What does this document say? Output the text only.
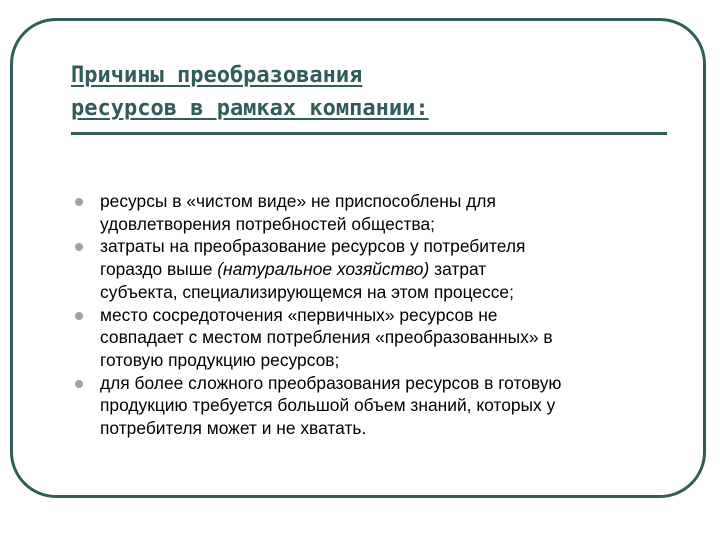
Причины преобразования
ресурсов в рамках компании:
ресурсы в «чистом виде» не приспособлены для
удовлетворения потребностей общества;
затраты на преобразование ресурсов у потребителя
гораздо выше (натуральное хозяйство) затрат
субъекта, специализирующемся на этом процессе;
место сосредоточения «первичных» ресурсов не
совпадает с местом потребления «преобразованных» в
готовую продукцию ресурсов;
для более сложного преобразования ресурсов в готовую
продукцию требуется большой объем знаний, которых у
потребителя может и не хватать.
